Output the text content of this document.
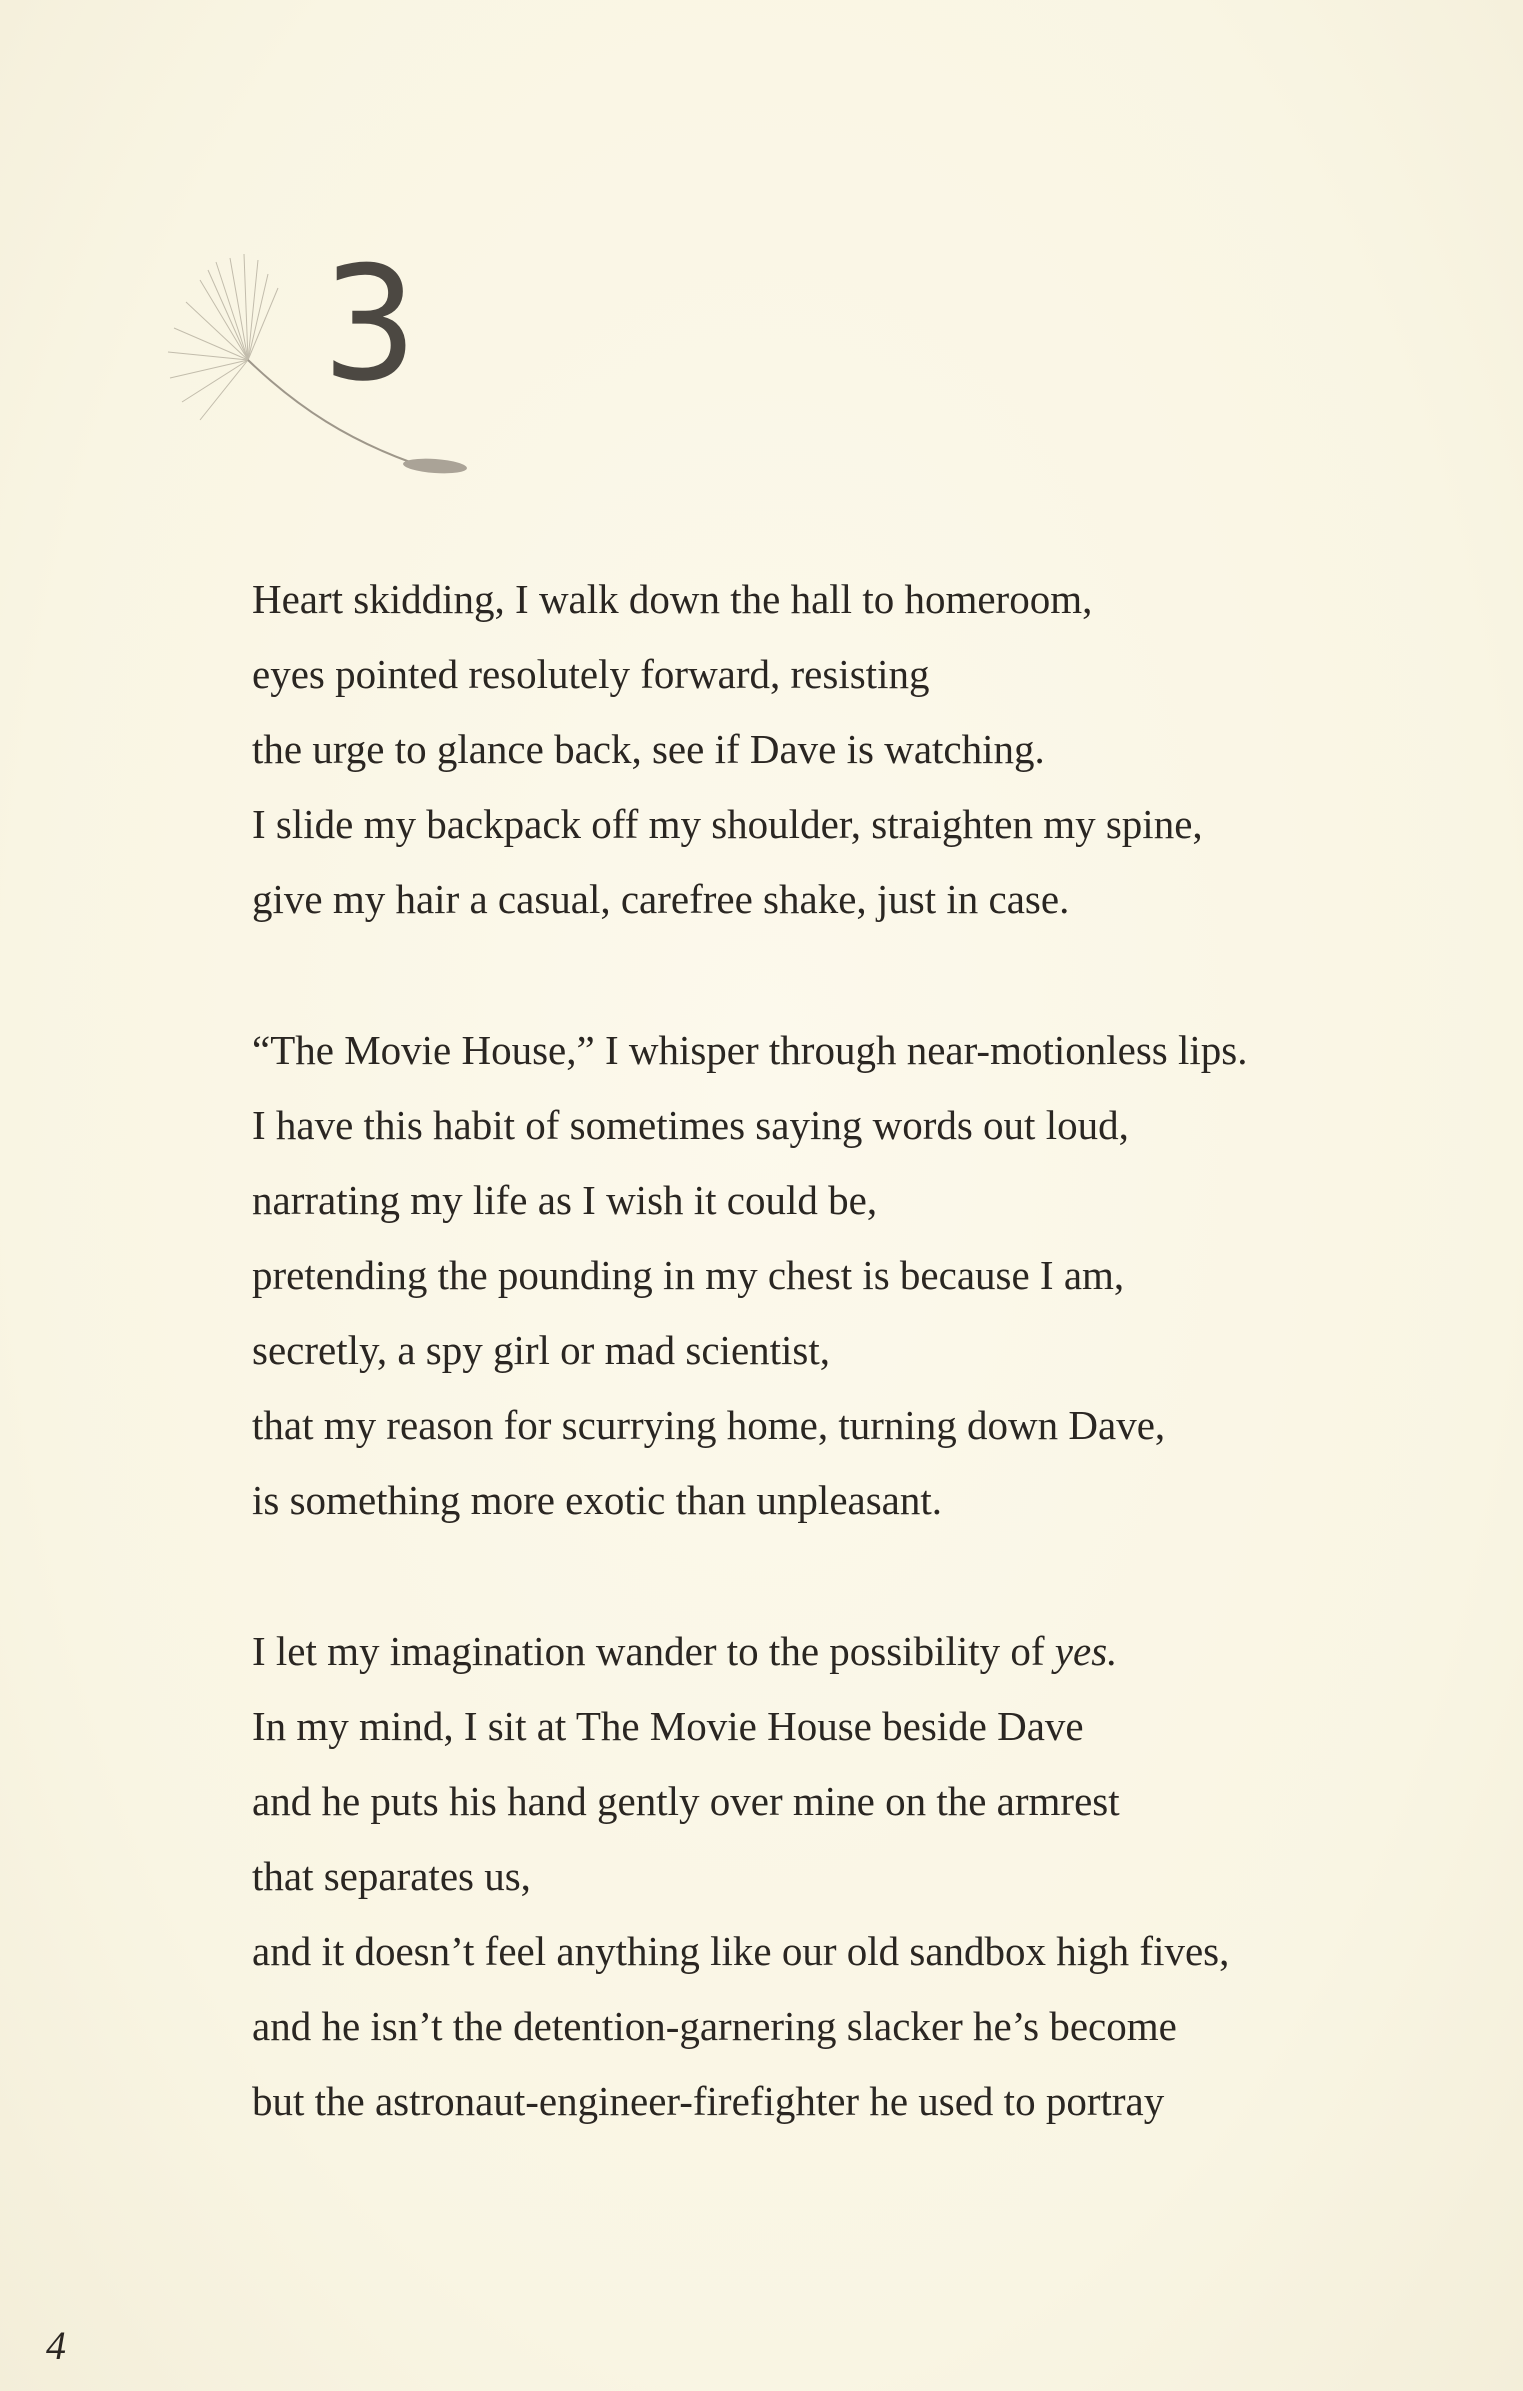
3
Heart skidding, I walk down the hall to homeroom,
eyes pointed resolutely forward, resisting
the urge to glance back, see if Dave is watching.
I slide my backpack off my shoulder, straighten my spine,
give my hair a casual, carefree shake, just in case.
“The Movie House,” I whisper through near-motionless lips.
I have this habit of sometimes saying words out loud,
narrating my life as I wish it could be,
pretending the pounding in my chest is because I am,
secretly, a spy girl or mad scientist,
that my reason for scurrying home, turning down Dave,
is something more exotic than unpleasant.
I let my imagination wander to the possibility of yes.
In my mind, I sit at The Movie House beside Dave
and he puts his hand gently over mine on the armrest
that separates us,
and it doesn’t feel anything like our old sandbox high fives,
and he isn’t the detention-garnering slacker he’s become
but the astronaut-engineer-firefighter he used to portray
4
